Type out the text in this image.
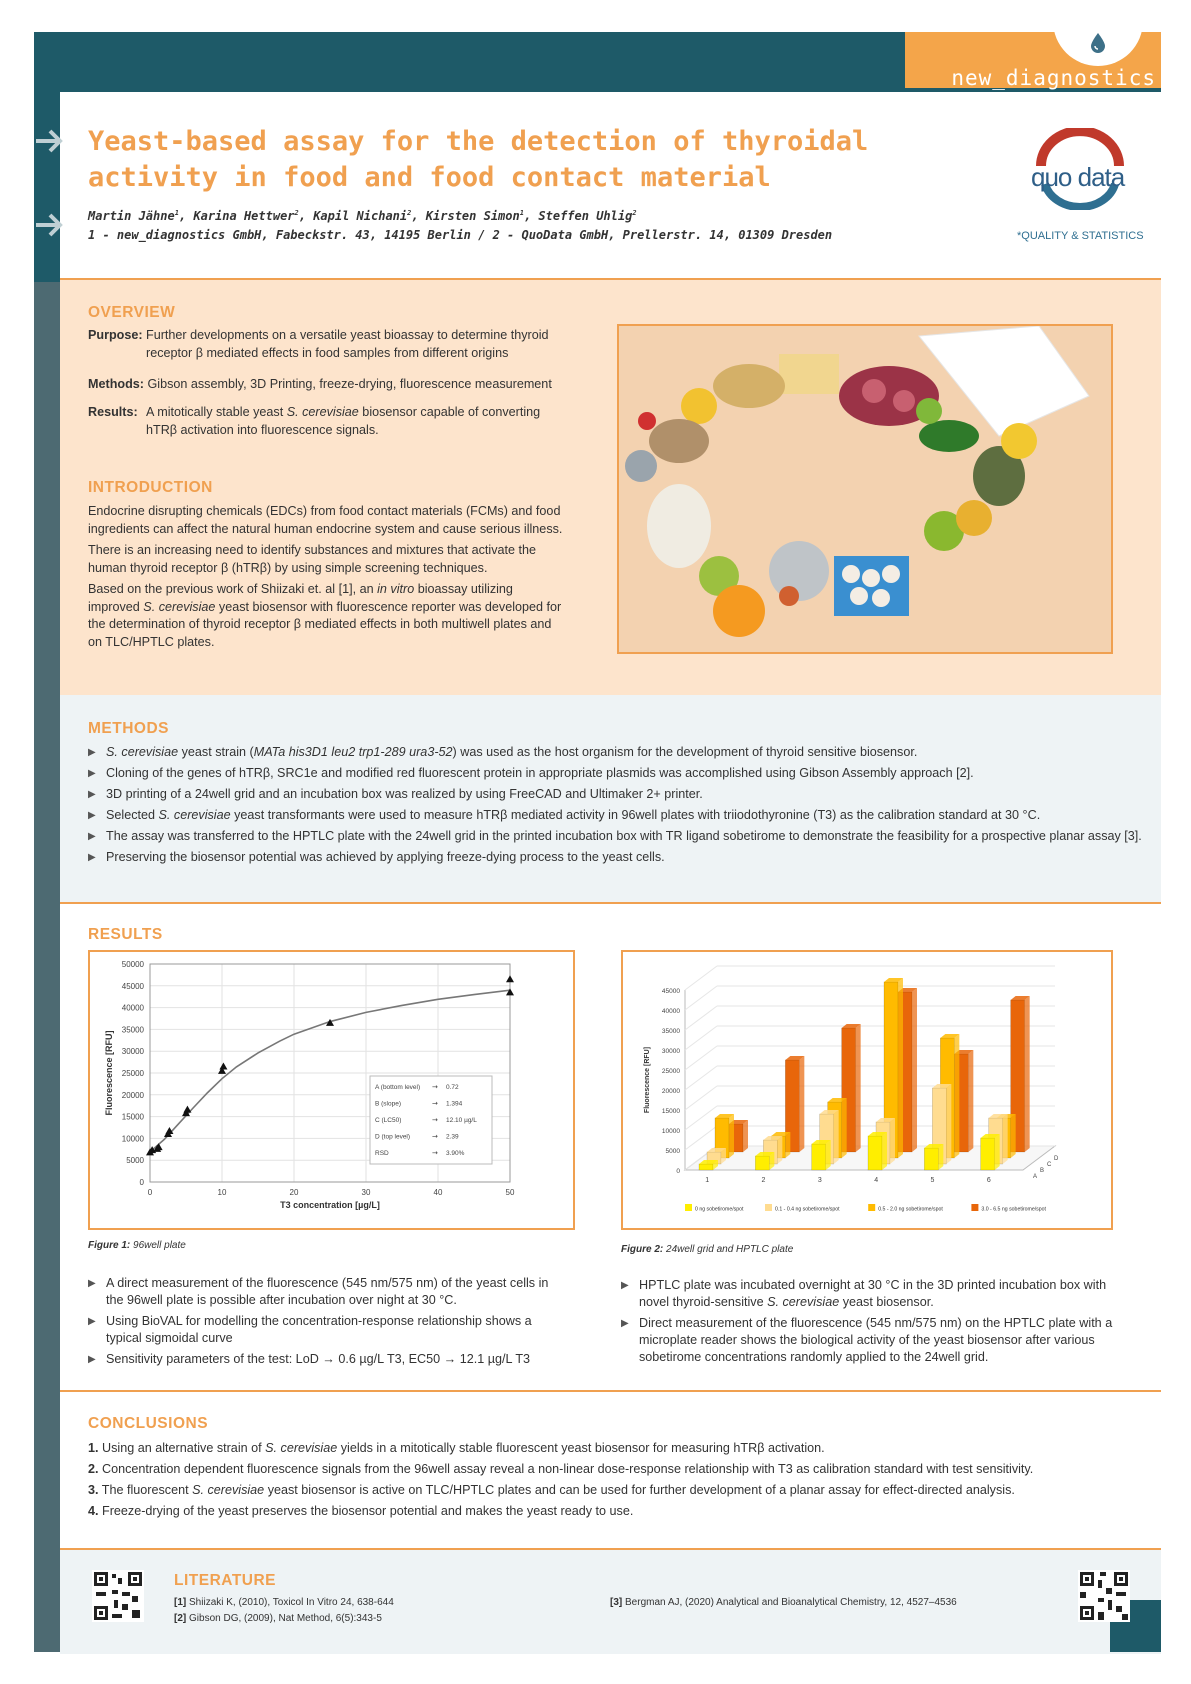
new_diagnostics
Yeast-based assay for the detection of thyroidal
activity in food and food contact material
Martin Jähne$^1$, Karina Hettwer$^2$, Kapil Nichani$^2$, Kirsten Simon$^1$, Steffen Uhlig$^2$
1 - new_diagnostics GmbH, Fabeckstr. 43, 14195 Berlin / 2 - QuoData GmbH, Prellerstr. 14, 01309 Dresden
quo data
*QUALITY & STATISTICS
OVERVIEW
Purpose: Further developments on a versatile yeast bioassay to determine thyroid receptor β mediated effects in food samples from different origins
Methods: Gibson assembly, 3D Printing, freeze-drying, fluorescence measurement
Results: A mitotically stable yeast S. cerevisiae biosensor capable of converting hTRβ activation into fluorescence signals.
INTRODUCTION

Endocrine disrupting chemicals (EDCs) from food contact materials (FCMs) and food ingredients can affect the natural human endocrine system and cause serious illness.

There is an increasing need to identify substances and mixtures that activate the human thyroid receptor β (hTRβ) by using simple screening techniques.

Based on the previous work of Shiizaki et. al [1], an in vitro bioassay utilizing improved S. cerevisiae yeast biosensor with fluorescence reporter was developed for the determination of thyroid receptor β mediated effects in both multiwell plates and on TLC/HPTLC plates.

METHODS
▶ S. cerevisiae yeast strain (MATa his3D1 leu2 trp1-289 ura3-52) was used as the host organism for the development of thyroid sensitive biosensor.
▶ Cloning of the genes of hTRβ, SRC1e and modified red fluorescent protein in appropriate plasmids was accomplished using Gibson Assembly approach [2].
▶ 3D printing of a 24well grid and an incubation box was realized by using FreeCAD and Ultimaker 2+ printer.
▶ Selected S. cerevisiae yeast transformants were used to measure hTRβ mediated activity in 96well plates with triiodothyronine (T3) as the calibration standard at 30 °C.
▶ The assay was transferred to the HPTLC plate with the 24well grid in the printed incubation box with TR ligand sobetirome to demonstrate the feasibility for a prospective planar assay [3].
▶ Preserving the biosensor potential was achieved by applying freeze-dying process to the yeast cells.
RESULTS
0
5000
10000
15000
20000
25000
30000
35000
40000
45000
50000
0	10	20	30	40	50
T3 concentration [µg/L]
Fluorescence [RFU]	A (bottom level) → 0.72
B (slope)	→ 1.394
C (LC50)	→ 12.10 µg/L
D (top level)	→ 2.39
RSD	→ 3.90%
Figure 1: 96well plate
0
5000
10000
15000
20000
25000
30000
35000
40000
45000
Fluorescence [RFU]
1	2	3	4	5	6	A
B
C
D
0 ng sobetirome/spot	0.1 - 0.4 ng sobetirome/spot	0.5 - 2.0 ng sobetirome/spot	3.0 - 6.5 ng sobetirome/spot
Figure 2: 24well grid and HPTLC plate
▶ A direct measurement of the fluorescence (545 nm/575 nm) of the yeast cells in the 96well plate is possible after incubation over night at 30 °C.
▶ Using BioVAL for modelling the concentration-response relationship shows a typical sigmoidal curve
▶ Sensitivity parameters of the test: LoD → 0.6 µg/L T3, EC50 → 12.1 µg/L T3
▶ HPTLC plate was incubated overnight at 30 °C in the 3D printed incubation box with novel thyroid-sensitive S. cerevisiae yeast biosensor.
▶ Direct measurement of the fluorescence (545 nm/575 nm) on the HPTLC plate with a microplate reader shows the biological activity of the yeast biosensor after various sobetirome concentrations randomly applied to the 24well grid.
CONCLUSIONS
1. Using an alternative strain of S. cerevisiae yields in a mitotically stable fluorescent yeast biosensor for measuring hTRβ activation.
2. Concentration dependent fluorescence signals from the 96well assay reveal a non-linear dose-response relationship with T3 as calibration standard with test sensitivity.
3. The fluorescent S. cerevisiae yeast biosensor is active on TLC/HPTLC plates and can be used for further development of a planar assay for effect-directed analysis.
4. Freeze-drying of the yeast preserves the biosensor potential and makes the yeast ready to use.
LITERATURE
[1] Shiizaki K, (2010), Toxicol In Vitro 24, 638-644
[2] Gibson DG, (2009), Nat Method, 6(5):343-5
[3] Bergman AJ, (2020) Analytical and Bioanalytical Chemistry, 12, 4527–4536
